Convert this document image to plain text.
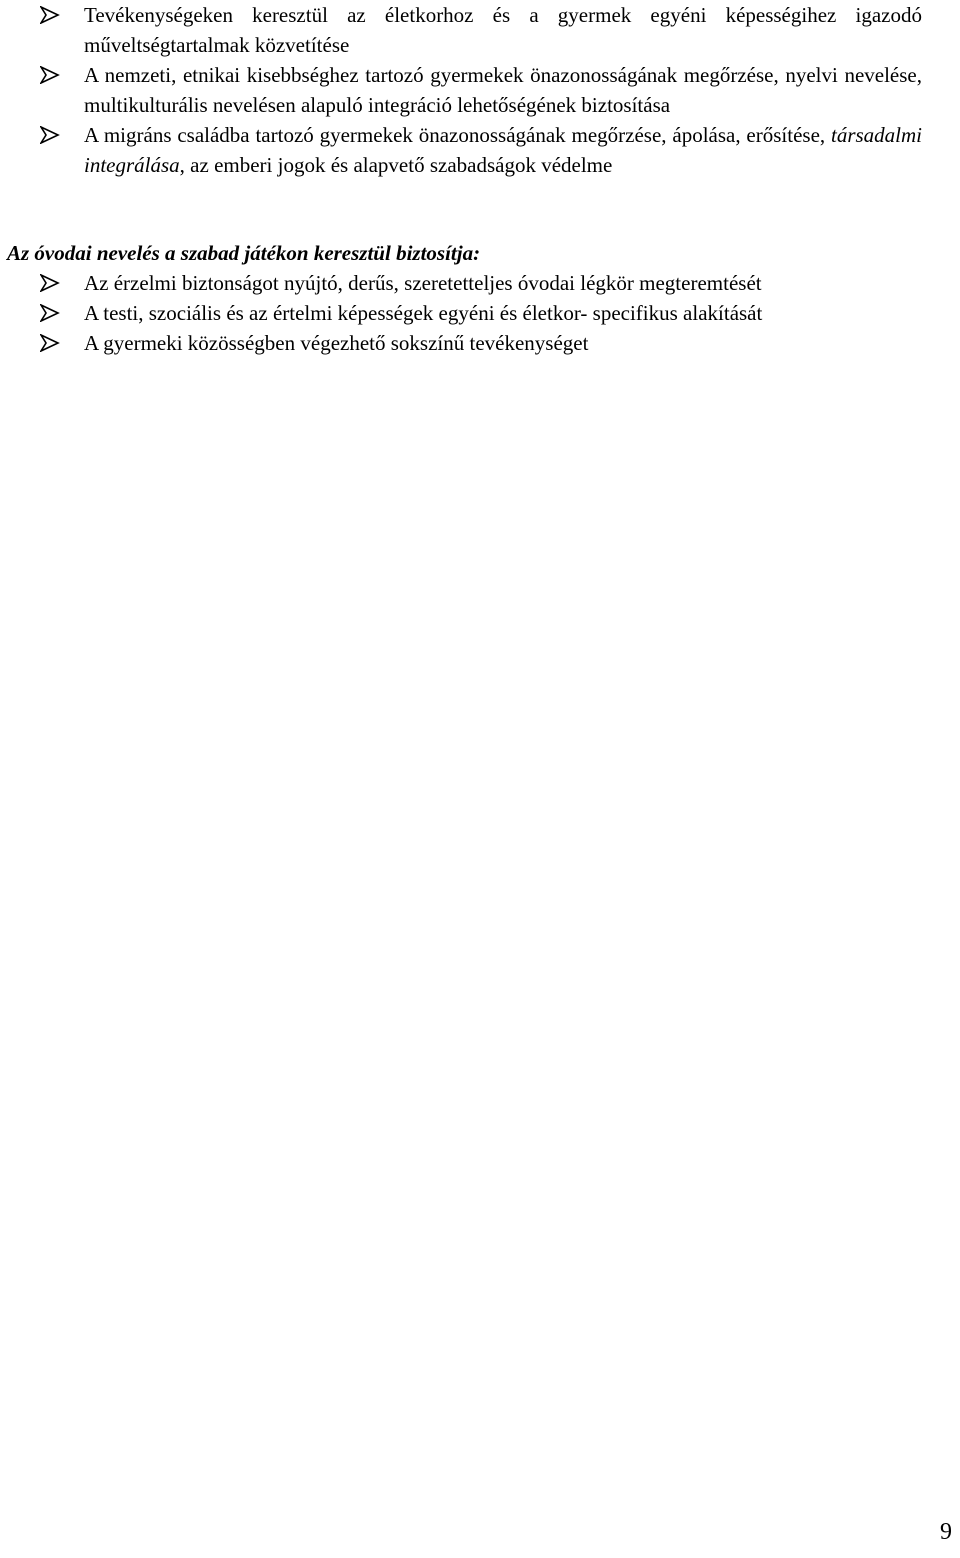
Tevékenységeken keresztül az életkorhoz és a gyermek egyéni képességihez igazodó műveltségtartalmak közvetítése
A nemzeti, etnikai kisebbséghez tartozó gyermekek önazonosságának megőrzése, nyelvi nevelése, multikulturális nevelésen alapuló integráció lehetőségének biztosítása
A migráns családba tartozó gyermekek önazonosságának megőrzése, ápolása, erősítése, társadalmi integrálása, az emberi jogok és alapvető szabadságok védelme

Az óvodai nevelés a szabad játékon keresztül biztosítja:

Az érzelmi biztonságot nyújtó, derűs, szeretetteljes óvodai légkör megteremtését
A testi, szociális és az értelmi képességek egyéni és életkor- specifikus alakítását
A gyermeki közösségben végezhető sokszínű tevékenységet
9
